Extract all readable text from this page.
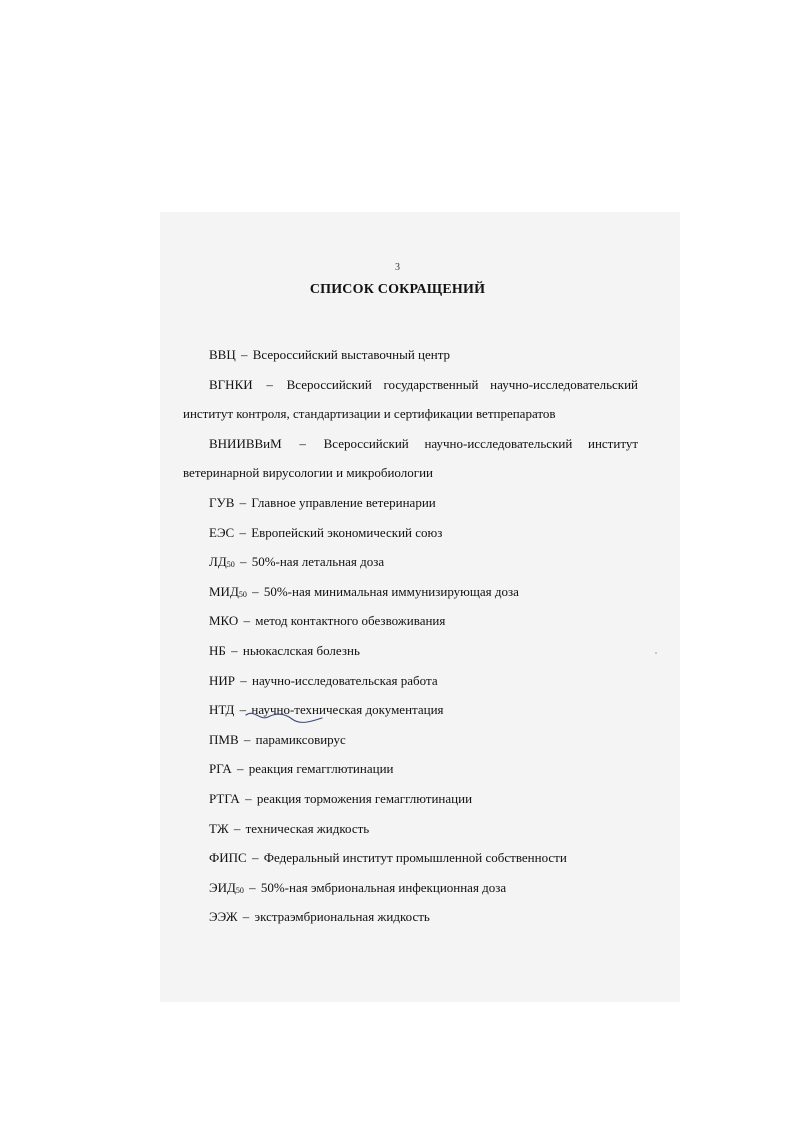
3
СПИСОК СОКРАЩЕНИЙ
ВВЦ – Всероссийский выставочный центр
ВГНКИ – Всероссийский государственный научно-исследовательский институт контроля, стандартизации и сертификации ветпрепаратов
ВНИИВВиМ – Всероссийский научно-исследовательский институт ветеринарной вирусологии и микробиологии
ГУВ – Главное управление ветеринарии
ЕЭС – Европейский экономический союз
$ЛД_{50} - 50\%-ная$ летальная доза
$МИД_{50} - 50\%-ная$ минимальная иммунизирующая доза
МКО – метод контактного обезвоживания
НБ – ньюкаслская болезнь
НИР – научно-исследовательская работа
НТД – научно-техническая документация
ПМВ – парамиксовирус
РГА – реакция гемагглютинации
РТГА – реакция торможения гемагглютинации
ТЖ – техническая жидкость
ФИПС – Федеральный институт промышленной собственности
$ЭИД_{50} - 50\%-ная$ эмбриональная инфекционная доза
ЭЭЖ – экстраэмбриональная жидкость
